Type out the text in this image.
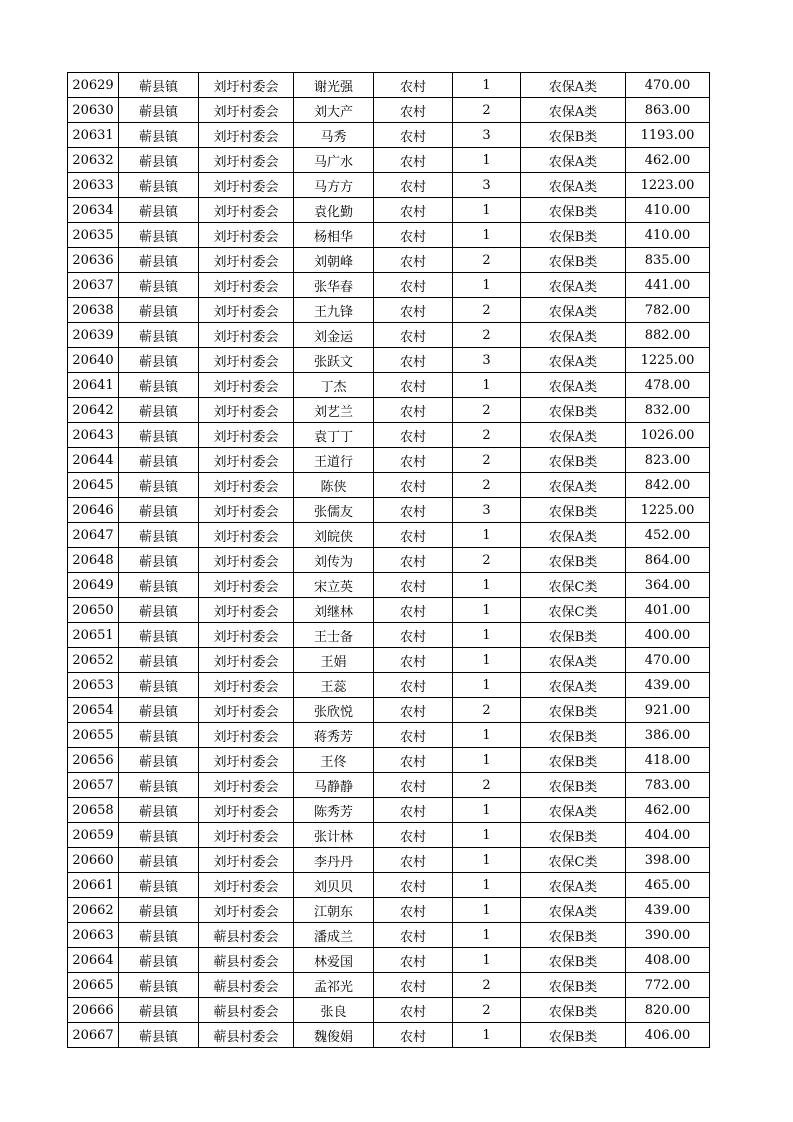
20629	蕲县镇	刘圩村委会	谢光强	农村	1	农保A类	470.00
20630	蕲县镇	刘圩村委会	刘大产	农村	2	农保A类	863.00
20631	蕲县镇	刘圩村委会	马秀	农村	3	农保B类	1193.00
20632	蕲县镇	刘圩村委会	马广水	农村	1	农保A类	462.00
20633	蕲县镇	刘圩村委会	马方方	农村	3	农保A类	1223.00
20634	蕲县镇	刘圩村委会	袁化勤	农村	1	农保B类	410.00
20635	蕲县镇	刘圩村委会	杨相华	农村	1	农保B类	410.00
20636	蕲县镇	刘圩村委会	刘朝峰	农村	2	农保B类	835.00
20637	蕲县镇	刘圩村委会	张华春	农村	1	农保A类	441.00
20638	蕲县镇	刘圩村委会	王九锋	农村	2	农保A类	782.00
20639	蕲县镇	刘圩村委会	刘金运	农村	2	农保A类	882.00
20640	蕲县镇	刘圩村委会	张跃文	农村	3	农保A类	1225.00
20641	蕲县镇	刘圩村委会	丁杰	农村	1	农保A类	478.00
20642	蕲县镇	刘圩村委会	刘艺兰	农村	2	农保B类	832.00
20643	蕲县镇	刘圩村委会	袁丁丁	农村	2	农保A类	1026.00
20644	蕲县镇	刘圩村委会	王道行	农村	2	农保B类	823.00
20645	蕲县镇	刘圩村委会	陈侠	农村	2	农保A类	842.00
20646	蕲县镇	刘圩村委会	张儒友	农村	3	农保B类	1225.00
20647	蕲县镇	刘圩村委会	刘皖侠	农村	1	农保A类	452.00
20648	蕲县镇	刘圩村委会	刘传为	农村	2	农保B类	864.00
20649	蕲县镇	刘圩村委会	宋立英	农村	1	农保C类	364.00
20650	蕲县镇	刘圩村委会	刘继林	农村	1	农保C类	401.00
20651	蕲县镇	刘圩村委会	王士备	农村	1	农保B类	400.00
20652	蕲县镇	刘圩村委会	王娟	农村	1	农保A类	470.00
20653	蕲县镇	刘圩村委会	王蕊	农村	1	农保A类	439.00
20654	蕲县镇	刘圩村委会	张欣悦	农村	2	农保B类	921.00
20655	蕲县镇	刘圩村委会	蒋秀芳	农村	1	农保B类	386.00
20656	蕲县镇	刘圩村委会	王佟	农村	1	农保B类	418.00
20657	蕲县镇	刘圩村委会	马静静	农村	2	农保B类	783.00
20658	蕲县镇	刘圩村委会	陈秀芳	农村	1	农保A类	462.00
20659	蕲县镇	刘圩村委会	张计林	农村	1	农保B类	404.00
20660	蕲县镇	刘圩村委会	李丹丹	农村	1	农保C类	398.00
20661	蕲县镇	刘圩村委会	刘贝贝	农村	1	农保A类	465.00
20662	蕲县镇	刘圩村委会	江朝东	农村	1	农保A类	439.00
20663	蕲县镇	蕲县村委会	潘成兰	农村	1	农保B类	390.00
20664	蕲县镇	蕲县村委会	林爱国	农村	1	农保B类	408.00
20665	蕲县镇	蕲县村委会	孟祁光	农村	2	农保B类	772.00
20666	蕲县镇	蕲县村委会	张良	农村	2	农保B类	820.00
20667	蕲县镇	蕲县村委会	魏俊娟	农村	1	农保B类	406.00
